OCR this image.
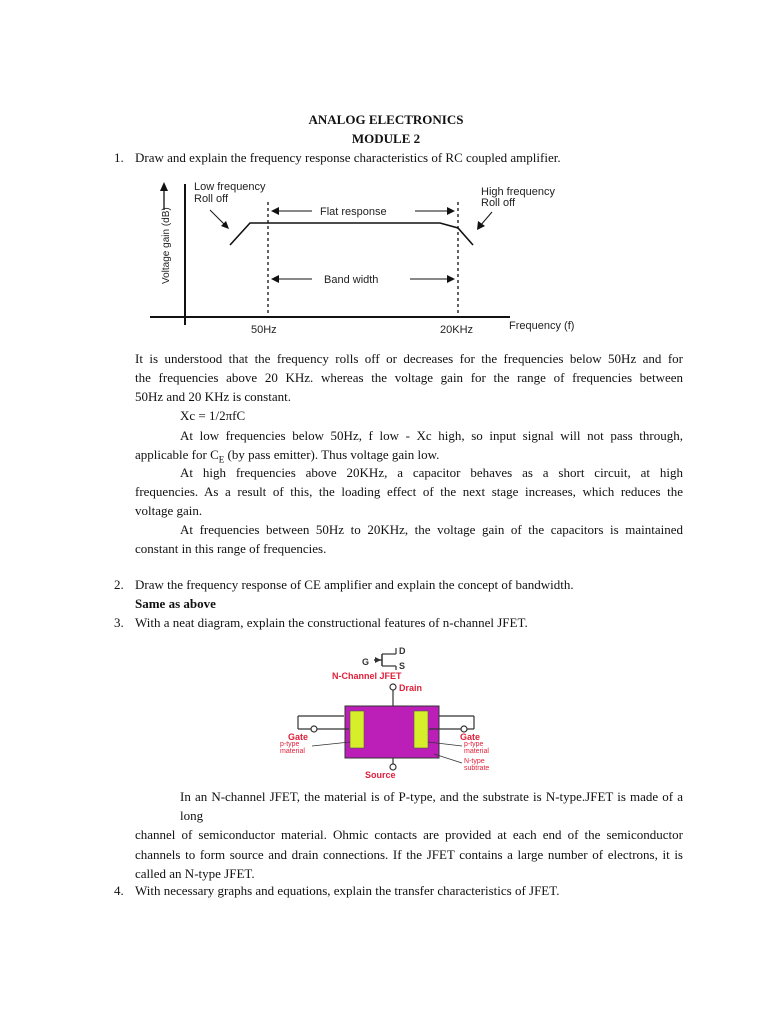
ANALOG ELECTRONICS
MODULE 2
1. Draw and explain the frequency response characteristics of RC coupled amplifier.
Voltage gain (dB)	Flat response
Band width
Low frequency
Roll off
High frequency
Roll off
50Hz	20KHz	Frequency (f)
It is understood that the frequency rolls off or decreases for the frequencies below 50Hz and for
the frequencies above 20 KHz. whereas the voltage gain for the range of frequencies between
50Hz and 20 KHz is constant.
Xc = 1/2πfC
At low frequencies below 50Hz, f low - Xc high, so input signal will not pass through,
applicable for $C_E$ (by pass emitter). Thus voltage gain low.
At high frequencies above 20KHz, a capacitor behaves as a short circuit, at high
frequencies. As a result of this, the loading effect of the next stage increases, which reduces the
voltage gain.
At frequencies between 50Hz to 20KHz, the voltage gain of the capacitors is maintained
constant in this range of frequencies.
2. Draw the frequency response of CE amplifier and explain the concept of bandwidth.
Same as above
3. With a neat diagram, explain the constructional features of n-channel JFET.
G
D
S
N-Channel JFET
Drain
Gate	Gate
p-type
material
p-type
material
N-type
subtrate
Source
In an N-channel JFET, the material is of P-type, and the substrate is N-type.JFET is made of a long
channel of semiconductor material. Ohmic contacts are provided at each end of the semiconductor
channels to form source and drain connections. If the JFET contains a large number of electrons, it is
called an N-type JFET.
4. With necessary graphs and equations, explain the transfer characteristics of JFET.
